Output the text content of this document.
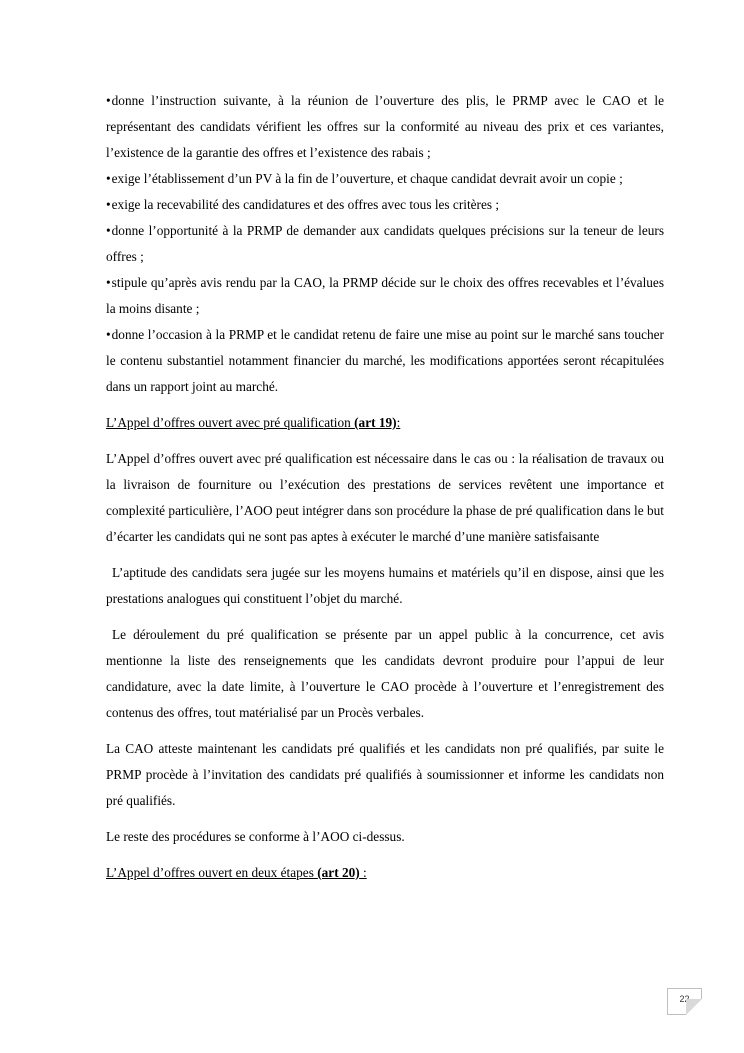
• donne l’instruction suivante, à la réunion de l’ouverture des plis, le PRMP avec le CAO et le représentant des candidats vérifient les offres sur la conformité au niveau des prix et ces variantes, l’existence de la garantie des offres et l’existence des rabais ;

• exige l’établissement d’un PV à la fin de l’ouverture, et chaque candidat devrait avoir un copie ;

• exige la recevabilité des candidatures et des offres avec tous les critères ;

• donne l’opportunité à la PRMP de demander aux candidats quelques précisions sur la teneur de leurs offres ;

• stipule qu’après avis rendu par la CAO, la PRMP décide sur le choix des offres recevables et l’évalues la moins disante ;

• donne l’occasion à la PRMP et le candidat retenu de faire une mise au point sur le marché sans toucher le contenu substantiel notamment financier du marché, les modifications apportées seront récapitulées dans un rapport joint au marché.

L’Appel d’offres ouvert avec pré qualification (art 19):

L’Appel d’offres ouvert avec pré qualification est nécessaire dans le cas ou : la réalisation de travaux ou la livraison de fourniture ou l’exécution des prestations de services revêtent une importance et complexité particulière, l’AOO peut intégrer dans son procédure la phase de pré qualification dans le but d’écarter les candidats qui ne sont pas aptes à exécuter le marché d’une manière satisfaisante

L’aptitude des candidats sera jugée sur les moyens humains et matériels qu’il en dispose, ainsi que les prestations analogues qui constituent l’objet du marché.

Le déroulement du pré qualification se présente par un appel public à la concurrence, cet avis mentionne la liste des renseignements que les candidats devront produire pour l’appui de leur candidature, avec la date limite, à l’ouverture le CAO procède à l’ouverture et l’enregistrement des contenus des offres, tout matérialisé par un Procès verbales.

La CAO atteste maintenant les candidats pré qualifiés et les candidats non pré qualifiés, par suite le PRMP procède à l’invitation des candidats pré qualifiés à soumissionner et informe les candidats non pré qualifiés.

Le reste des procédures se conforme à l’AOO ci-dessus.

L’Appel d’offres ouvert en deux étapes (art 20) :

22
